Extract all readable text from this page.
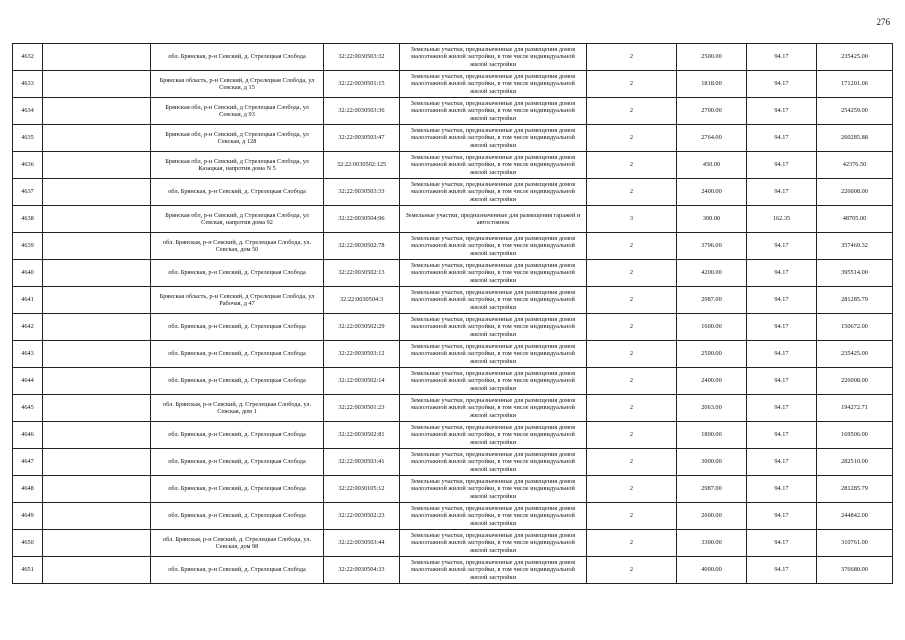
276
4632		обл. Брянская, р-н Севский, д. Стрелецкая Слобода	32:22:0030503:32	Земельные участки, предназначенные для размещения домов малоэтажной жилой застройки, в том числе индивидуальной жилой застройки	2	2500.00	94.17	235425.00
4633		Брянская область, р-н Севский, д Стрелецкая Слобода, ул Севская, д 15	32:22:0030501:15	Земельные участки, предназначенные для размещения домов малоэтажной жилой застройки, в том числе индивидуальной жилой застройки	2	1818.00	94.17	171201.06
4634		Брянская обл, р-н Севский, д Стрелецкая Слобода, ул Севская, д 93	32:22:0030503:36	Земельные участки, предназначенные для размещения домов малоэтажной жилой застройки, в том числе индивидуальной жилой застройки	2	2700.00	94.17	254259.00
4635		Брянская обл, р-н Севский, д Стрелецкая Слобода, ул Севская, д 128	32:22:0030503:47	Земельные участки, предназначенные для размещения домов малоэтажной жилой застройки, в том числе индивидуальной жилой застройки	2	2764.00	94.17	260285.88
4636		Брянская обл, р-н Севский, д Стрелецкая Слобода, ул Казацкая, напротив дома N 5	32:22:0030502:125	Земельные участки, предназначенные для размещения домов малоэтажной жилой застройки, в том числе индивидуальной жилой застройки	2	450.00	94.17	42376.50
4637		обл. Брянская, р-н Севский, д. Стрелецкая Слобода	32:22:0030503:33	Земельные участки, предназначенные для размещения домов малоэтажной жилой застройки, в том числе индивидуальной жилой застройки	2	2400.00	94.17	226008.00
4638		Брянская обл, р-н Севский, д Стрелецкая Слобода, ул Севская, напротив дома 92	32:22:0030504:96	Земельные участки, предназначенные для размещения гаражей и автостоянок	3	300.00	162.35	48705.00
4639		обл. Брянская, р-н Севский, д. Стрелецкая Слобода, ул. Севская, дом 50	32:22:0030502:78	Земельные участки, предназначенные для размещения домов малоэтажной жилой застройки, в том числе индивидуальной жилой застройки	2	3796.00	94.17	357469.32
4640		обл. Брянская, р-н Севский, д. Стрелецкая Слобода	32:22:0030502:13	Земельные участки, предназначенные для размещения домов малоэтажной жилой застройки, в том числе индивидуальной жилой застройки	2	4200.00	94.17	395514.00
4641		Брянская область, р-н Севский, д Стрелецкая Слобода, ул Рабочая, д 47	32:22:0030504:3	Земельные участки, предназначенные для размещения домов малоэтажной жилой застройки, в том числе индивидуальной жилой застройки	2	2987.00	94.17	281285.79
4642		обл. Брянская, р-н Севский, д. Стрелецкая Слобода	32:22:0030502:29	Земельные участки, предназначенные для размещения домов малоэтажной жилой застройки, в том числе индивидуальной жилой застройки	2	1600.00	94.17	150672.00
4643		обл. Брянская, р-н Севский, д. Стрелецкая Слобода	32:22:0030503:12	Земельные участки, предназначенные для размещения домов малоэтажной жилой застройки, в том числе индивидуальной жилой застройки	2	2500.00	94.17	235425.00
4644		обл. Брянская, р-н Севский, д. Стрелецкая Слобода	32:22:0030502:14	Земельные участки, предназначенные для размещения домов малоэтажной жилой застройки, в том числе индивидуальной жилой застройки	2	2400.00	94.17	226008.00
4645		обл. Брянская, р-н Севский, д. Стрелецкая Слобода, ул. Севская, дом 1	32:22:0030501:23	Земельные участки, предназначенные для размещения домов малоэтажной жилой застройки, в том числе индивидуальной жилой застройки	2	2063.00	94.17	194272.71
4646		обл. Брянская, р-н Севский, д. Стрелецкая Слобода	32:22:0030502:81	Земельные участки, предназначенные для размещения домов малоэтажной жилой застройки, в том числе индивидуальной жилой застройки	2	1800.00	94.17	169506.00
4647		обл. Брянская, р-н Севский, д. Стрелецкая Слобода	32:22:0030503:41	Земельные участки, предназначенные для размещения домов малоэтажной жилой застройки, в том числе индивидуальной жилой застройки	2	3000.00	94.17	282510.00
4648		обл. Брянская, р-н Севский, д. Стрелецкая Слобода	32:22:0030105:12	Земельные участки, предназначенные для размещения домов малоэтажной жилой застройки, в том числе индивидуальной жилой застройки	2	2987.00	94.17	281285.79
4649		обл. Брянская, р-н Севский, д. Стрелецкая Слобода	32:22:0030502:23	Земельные участки, предназначенные для размещения домов малоэтажной жилой застройки, в том числе индивидуальной жилой застройки	2	2600.00	94.17	244842.00
4650		обл. Брянская, р-н Севский, д. Стрелецкая Слобода, ул. Севская, дом 98	32:22:0030503:44	Земельные участки, предназначенные для размещения домов малоэтажной жилой застройки, в том числе индивидуальной жилой застройки	2	3300.00	94.17	310761.00
4651		обл. Брянская, р-н Севский, д. Стрелецкая Слобода	32:22:0030504:33	Земельные участки, предназначенные для размещения домов малоэтажной жилой застройки, в том числе индивидуальной жилой застройки	2	4000.00	94.17	376680.00
